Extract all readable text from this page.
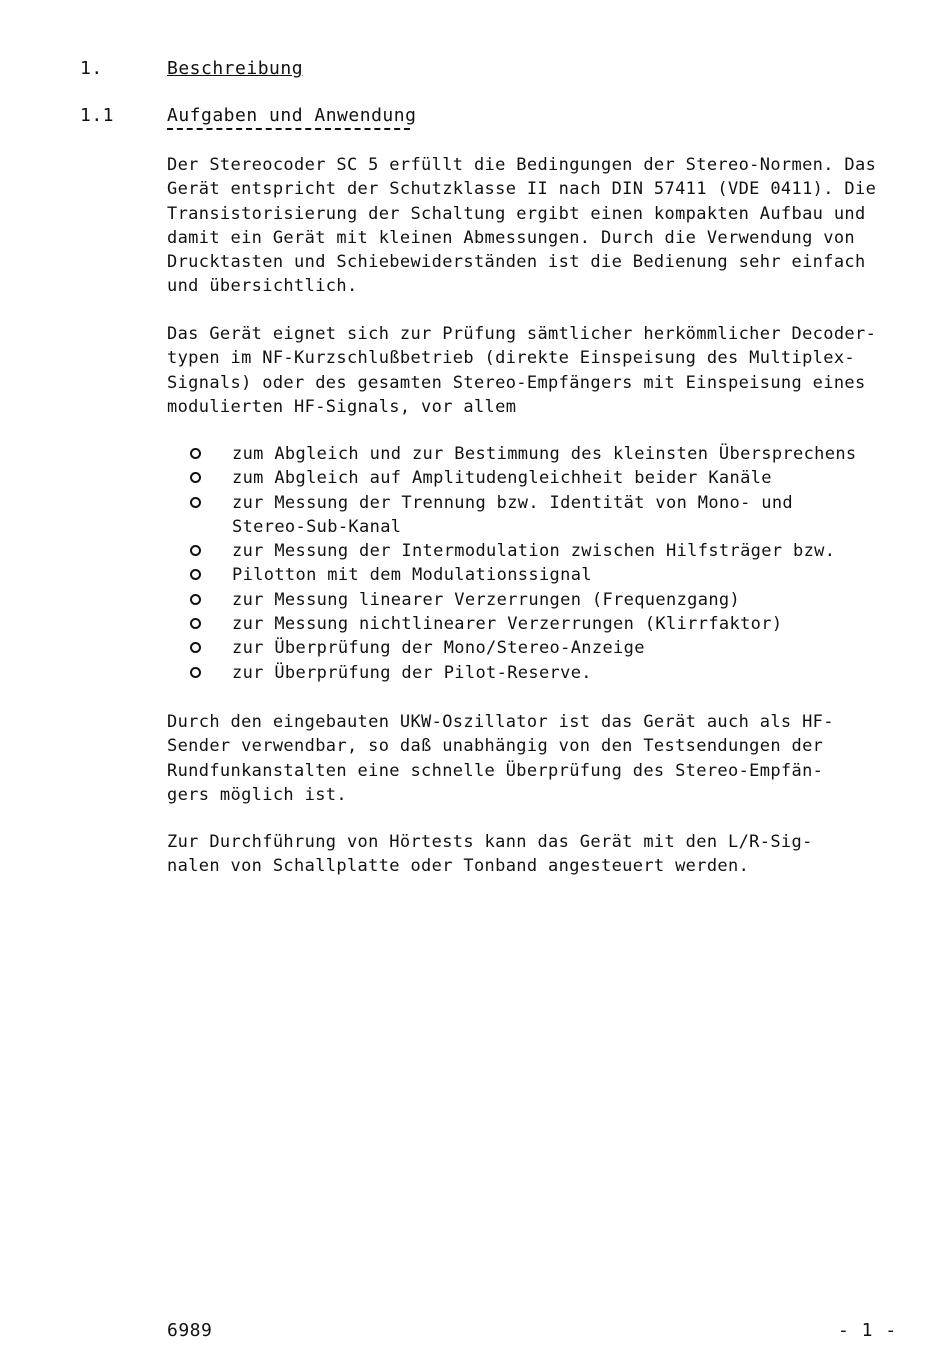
1.	Beschreibung
1.1	Aufgaben und Anwendung

Der Stereocoder SC 5 erfüllt die Bedingungen der Stereo-Normen. Das
Gerät entspricht der Schutzklasse II nach DIN 57411 (VDE 0411). Die
Transistorisierung der Schaltung ergibt einen kompakten Aufbau und
damit ein Gerät mit kleinen Abmessungen. Durch die Verwendung von
Drucktasten und Schiebewiderständen ist die Bedienung sehr einfach
und übersichtlich.

Das Gerät eignet sich zur Prüfung sämtlicher herkömmlicher Decoder-
typen im NF-Kurzschlußbetrieb (direkte Einspeisung des Multiplex-
Signals) oder des gesamten Stereo-Empfängers mit Einspeisung eines
modulierten HF-Signals, vor allem

zum Abgleich und zur Bestimmung des kleinsten Übersprechens
zum Abgleich auf Amplitudengleichheit beider Kanäle
zur Messung der Trennung bzw. Identität von Mono- und
Stereo-Sub-Kanal
zur Messung der Intermodulation zwischen Hilfsträger bzw.
Pilotton mit dem Modulationssignal
zur Messung linearer Verzerrungen (Frequenzgang)
zur Messung nichtlinearer Verzerrungen (Klirrfaktor)
zur Überprüfung der Mono/Stereo-Anzeige
zur Überprüfung der Pilot-Reserve.

Durch den eingebauten UKW-Oszillator ist das Gerät auch als HF-
Sender verwendbar, so daß unabhängig von den Testsendungen der
Rundfunkanstalten eine schnelle Überprüfung des Stereo-Empfän-
gers möglich ist.

Zur Durchführung von Hörtests kann das Gerät mit den L/R-Sig-
nalen von Schallplatte oder Tonband angesteuert werden.

6989	- 1 -
